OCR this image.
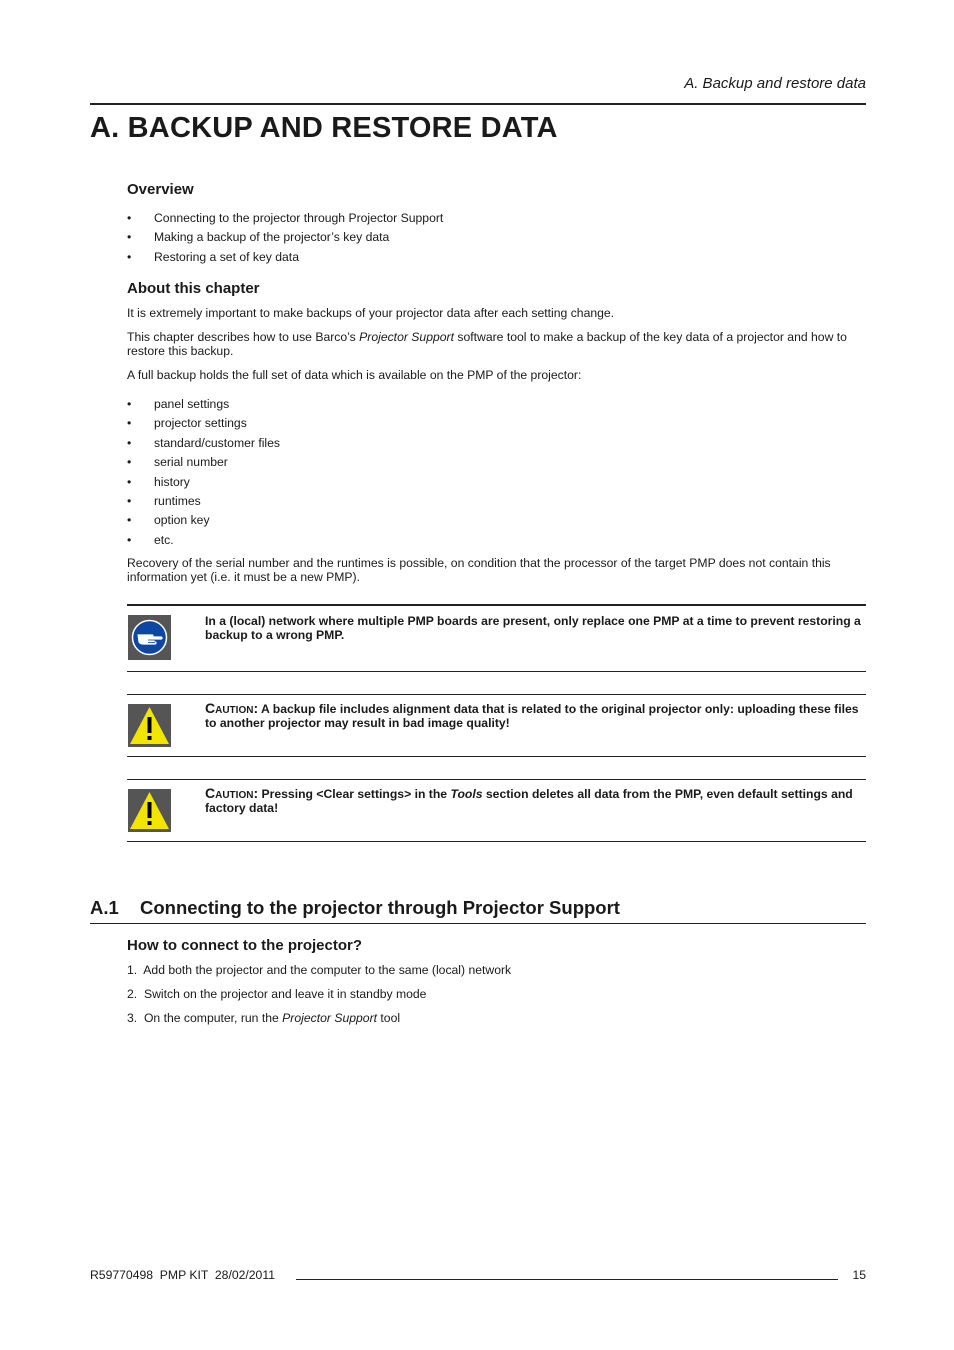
A. Backup and restore data
A. BACKUP AND RESTORE DATA
Overview
• Connecting to the projector through Projector Support
• Making a backup of the projector’s key data
• Restoring a set of key data
About this chapter
It is extremely important to make backups of your projector data after each setting change.
This chapter describes how to use Barco’s Projector Support software tool to make a backup of the key data of a projector and how to restore this backup.
A full backup holds the full set of data which is available on the PMP of the projector:
• panel settings
• projector settings
• standard/customer files
• serial number
• history
• runtimes
• option key
• etc.
Recovery of the serial number and the runtimes is possible, on condition that the processor of the target PMP does not contain this information yet (i.e. it must be a new PMP).
In a (local) network where multiple PMP boards are present, only replace one PMP at a time to prevent restoring a backup to a wrong PMP.
Caution: A backup file includes alignment data that is related to the original projector only: uploading these files to another projector may result in bad image quality!
Caution: Pressing <Clear settings> in the Tools section deletes all data from the PMP, even default settings and factory data!
A.1 Connecting to the projector through Projector Support
How to connect to the projector?
1. Add both the projector and the computer to the same (local) network
2. Switch on the projector and leave it in standby mode
3. On the computer, run the Projector Support tool
R59770498  PMP KIT  28/02/2011	15
